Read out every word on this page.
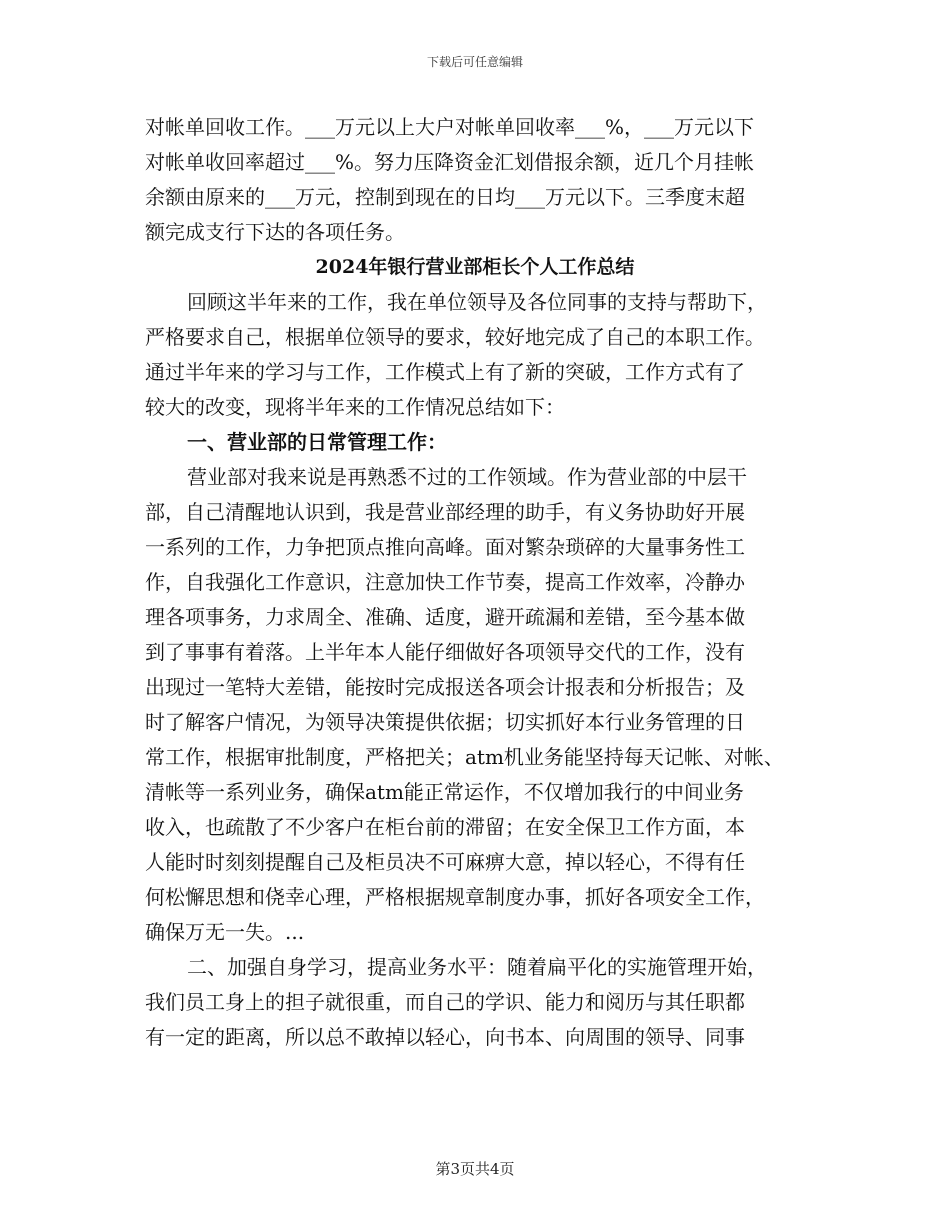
下载后可任意编辑
对帐单回收工作。___万元以上大户对帐单回收率___%，___万元以下
对帐单收回率超过___%。努力压降资金汇划借报余额，近几个月挂帐
余额由原来的___万元，控制到现在的日均___万元以下。三季度末超
额完成支行下达的各项任务。
2024年银行营业部柜长个人工作总结
回顾这半年来的工作，我在单位领导及各位同事的支持与帮助下，
严格要求自己，根据单位领导的要求，较好地完成了自己的本职工作。
通过半年来的学习与工作，工作模式上有了新的突破，工作方式有了
较大的改变，现将半年来的工作情况总结如下：
一、营业部的日常管理工作：
营业部对我来说是再熟悉不过的工作领域。作为营业部的中层干
部，自己清醒地认识到，我是营业部经理的助手，有义务协助好开展
一系列的工作，力争把顶点推向高峰。面对繁杂琐碎的大量事务性工
作，自我强化工作意识，注意加快工作节奏，提高工作效率，冷静办
理各项事务，力求周全、准确、适度，避开疏漏和差错，至今基本做
到了事事有着落。上半年本人能仔细做好各项领导交代的工作，没有
出现过一笔特大差错，能按时完成报送各项会计报表和分析报告；及
时了解客户情况，为领导决策提供依据；切实抓好本行业务管理的日
常工作，根据审批制度，严格把关；atm机业务能坚持每天记帐、对帐、
清帐等一系列业务，确保atm能正常运作，不仅增加我行的中间业务
收入，也疏散了不少客户在柜台前的滞留；在安全保卫工作方面，本
人能时时刻刻提醒自己及柜员决不可麻痹大意，掉以轻心，不得有任
何松懈思想和侥幸心理，严格根据规章制度办事，抓好各项安全工作，
确保万无一失。...
二、加强自身学习，提高业务水平：随着扁平化的实施管理开始，
我们员工身上的担子就很重，而自己的学识、能力和阅历与其任职都
有一定的距离，所以总不敢掉以轻心，向书本、向周围的领导、同事
第3页共4页
